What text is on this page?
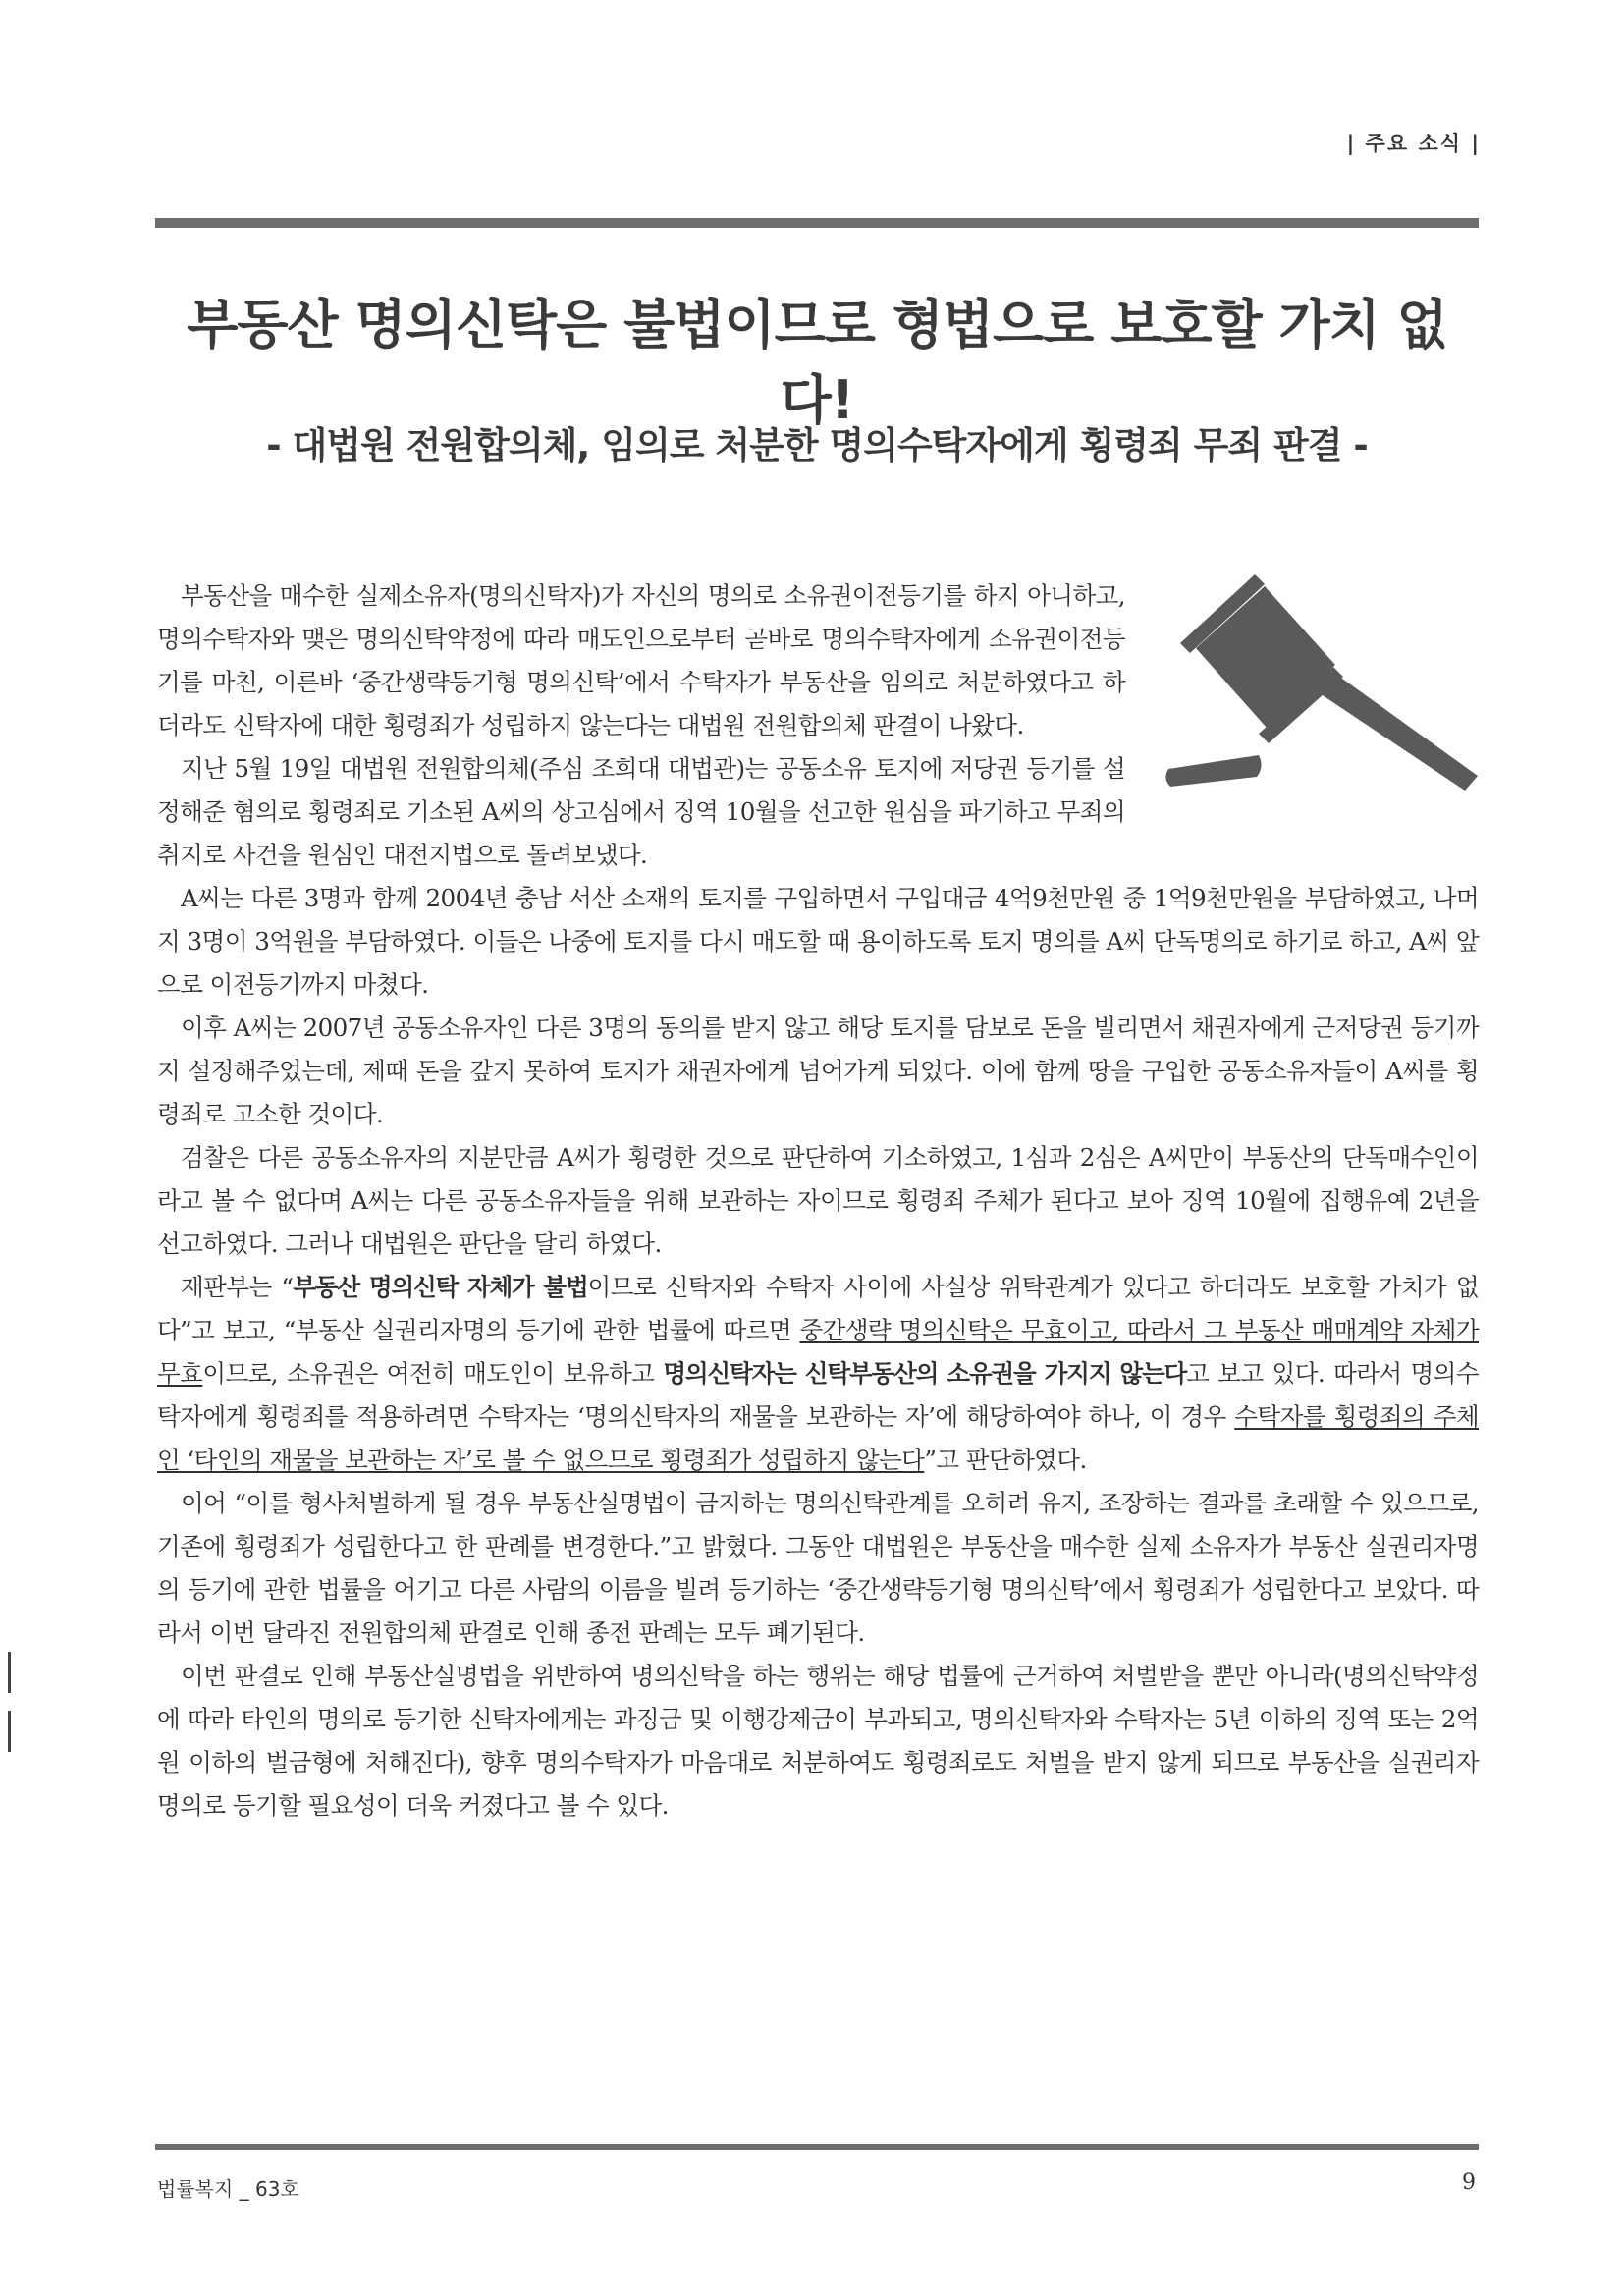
| 주요 소식 |
부동산 명의신탁은 불법이므로 형법으로 보호할 가치 없다!
- 대법원 전원합의체, 임의로 처분한 명의수탁자에게 횡령죄 무죄 판결 -

부동산을 매수한 실제소유자(명의신탁자)가 자신의 명의로 소유권이전등기를 하지 아니하고, 명의수탁자와 맺은 명의신탁약정에 따라 매도인으로부터 곧바로 명의수탁자에게 소유권이전등기를 마친, 이른바 ‘중간생략등기형 명의신탁’에서 수탁자가 부동산을 임의로 처분하였다고 하더라도 신탁자에 대한 횡령죄가 성립하지 않는다는 대법원 전원합의체 판결이 나왔다.

지난 5월 19일 대법원 전원합의체(주심 조희대 대법관)는 공동소유 토지에 저당권 등기를 설정해준 혐의로 횡령죄로 기소된 A씨의 상고심에서 징역 10월을 선고한 원심을 파기하고 무죄의 취지로 사건을 원심인 대전지법으로 돌려보냈다.

A씨는 다른 3명과 함께 2004년 충남 서산 소재의 토지를 구입하면서 구입대금 4억9천만원 중 1억9천만원을 부담하였고, 나머지 3명이 3억원을 부담하였다. 이들은 나중에 토지를 다시 매도할 때 용이하도록 토지 명의를 A씨 단독명의로 하기로 하고, A씨 앞으로 이전등기까지 마쳤다.

이후 A씨는 2007년 공동소유자인 다른 3명의 동의를 받지 않고 해당 토지를 담보로 돈을 빌리면서 채권자에게 근저당권 등기까지 설정해주었는데, 제때 돈을 갚지 못하여 토지가 채권자에게 넘어가게 되었다. 이에 함께 땅을 구입한 공동소유자들이 A씨를 횡령죄로 고소한 것이다.

검찰은 다른 공동소유자의 지분만큼 A씨가 횡령한 것으로 판단하여 기소하였고, 1심과 2심은 A씨만이 부동산의 단독매수인이라고 볼 수 없다며 A씨는 다른 공동소유자들을 위해 보관하는 자이므로 횡령죄 주체가 된다고 보아 징역 10월에 집행유예 2년을 선고하였다. 그러나 대법원은 판단을 달리 하였다.

재판부는 “부동산 명의신탁 자체가 불법이므로 신탁자와 수탁자 사이에 사실상 위탁관계가 있다고 하더라도 보호할 가치가 없다”고 보고, “부동산 실권리자명의 등기에 관한 법률에 따르면 중간생략 명의신탁은 무효이고, 따라서 그 부동산 매매계약 자체가 무효이므로, 소유권은 여전히 매도인이 보유하고 명의신탁자는 신탁부동산의 소유권을 가지지 않는다고 보고 있다. 따라서 명의수탁자에게 횡령죄를 적용하려면 수탁자는 ‘명의신탁자의 재물을 보관하는 자’에 해당하여야 하나, 이 경우 수탁자를 횡령죄의 주체인 ‘타인의 재물을 보관하는 자’로 볼 수 없으므로 횡령죄가 성립하지 않는다”고 판단하였다.

이어 “이를 형사처벌하게 될 경우 부동산실명법이 금지하는 명의신탁관계를 오히려 유지, 조장하는 결과를 초래할 수 있으므로, 기존에 횡령죄가 성립한다고 한 판례를 변경한다.”고 밝혔다. 그동안 대법원은 부동산을 매수한 실제 소유자가 부동산 실권리자명의 등기에 관한 법률을 어기고 다른 사람의 이름을 빌려 등기하는 ‘중간생략등기형 명의신탁’에서 횡령죄가 성립한다고 보았다. 따라서 이번 달라진 전원합의체 판결로 인해 종전 판례는 모두 폐기된다.

이번 판결로 인해 부동산실명법을 위반하여 명의신탁을 하는 행위는 해당 법률에 근거하여 처벌받을 뿐만 아니라(명의신탁약정에 따라 타인의 명의로 등기한 신탁자에게는 과징금 및 이행강제금이 부과되고, 명의신탁자와 수탁자는 5년 이하의 징역 또는 2억원 이하의 벌금형에 처해진다), 향후 명의수탁자가 마음대로 처분하여도 횡령죄로도 처벌을 받지 않게 되므로 부동산을 실권리자 명의로 등기할 필요성이 더욱 커졌다고 볼 수 있다.

법률복지 _ 63호	9
